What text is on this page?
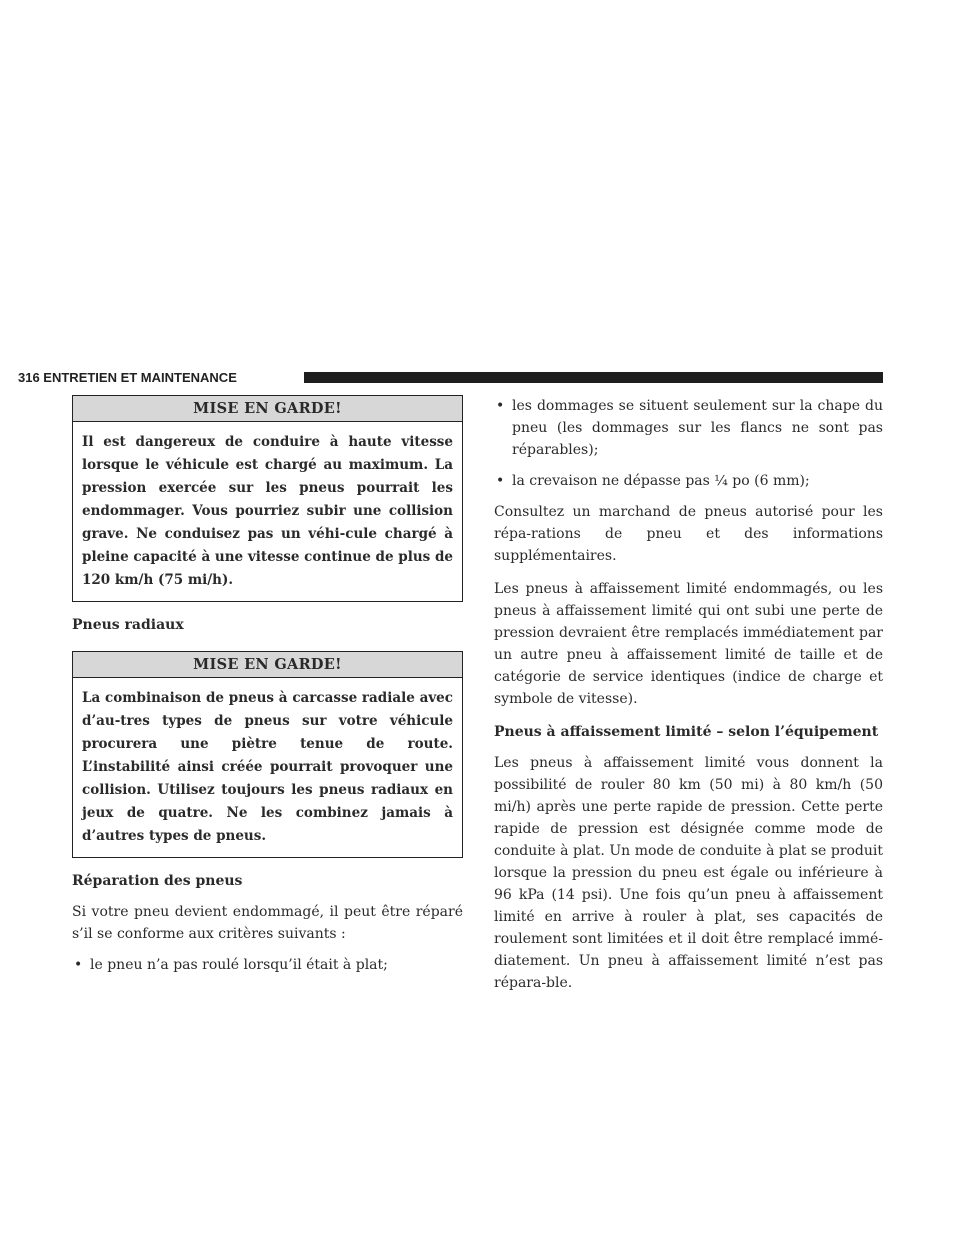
316 ENTRETIEN ET MAINTENANCE
MISE EN GARDE!
Il est dangereux de conduire à haute vitesse lorsque le véhicule est chargé au maximum. La pression exercée sur les pneus pourrait les endommager. Vous pourriez subir une collision grave. Ne conduisez pas un véhi-cule chargé à pleine capacité à une vitesse continue de plus de 120 km/h (75 mi/h).
Pneus radiaux
MISE EN GARDE!
La combinaison de pneus à carcasse radiale avec d’au-tres types de pneus sur votre véhicule procurera une piètre tenue de route. L’instabilité ainsi créée pourrait provoquer une collision. Utilisez toujours les pneus radiaux en jeux de quatre. Ne les combinez jamais à d’autres types de pneus.
Réparation des pneus

Si votre pneu devient endommagé, il peut être réparé s’il se conforme aux critères suivants :

• le pneu n’a pas roulé lorsqu’il était à plat;
• les dommages se situent seulement sur la chape du pneu (les dommages sur les flancs ne sont pas réparables);
• la crevaison ne dépasse pas ¼ po (6 mm);

Consultez un marchand de pneus autorisé pour les répa-rations de pneu et des informations supplémentaires.

Les pneus à affaissement limité endommagés, ou les pneus à affaissement limité qui ont subi une perte de pression devraient être remplacés immédiatement par un autre pneu à affaissement limité de taille et de catégorie de service identiques (indice de charge et symbole de vitesse).

Pneus à affaissement limité – selon l’équipement

Les pneus à affaissement limité vous donnent la possibilité de rouler 80 km (50 mi) à 80 km/h (50 mi/h) après une perte rapide de pression. Cette perte rapide de pression est désignée comme mode de conduite à plat. Un mode de conduite à plat se produit lorsque la pression du pneu est égale ou inférieure à 96 kPa (14 psi). Une fois qu’un pneu à affaissement limité en arrive à rouler à plat, ses capacités de roulement sont limitées et il doit être remplacé immé-diatement. Un pneu à affaissement limité n’est pas répara-ble.
